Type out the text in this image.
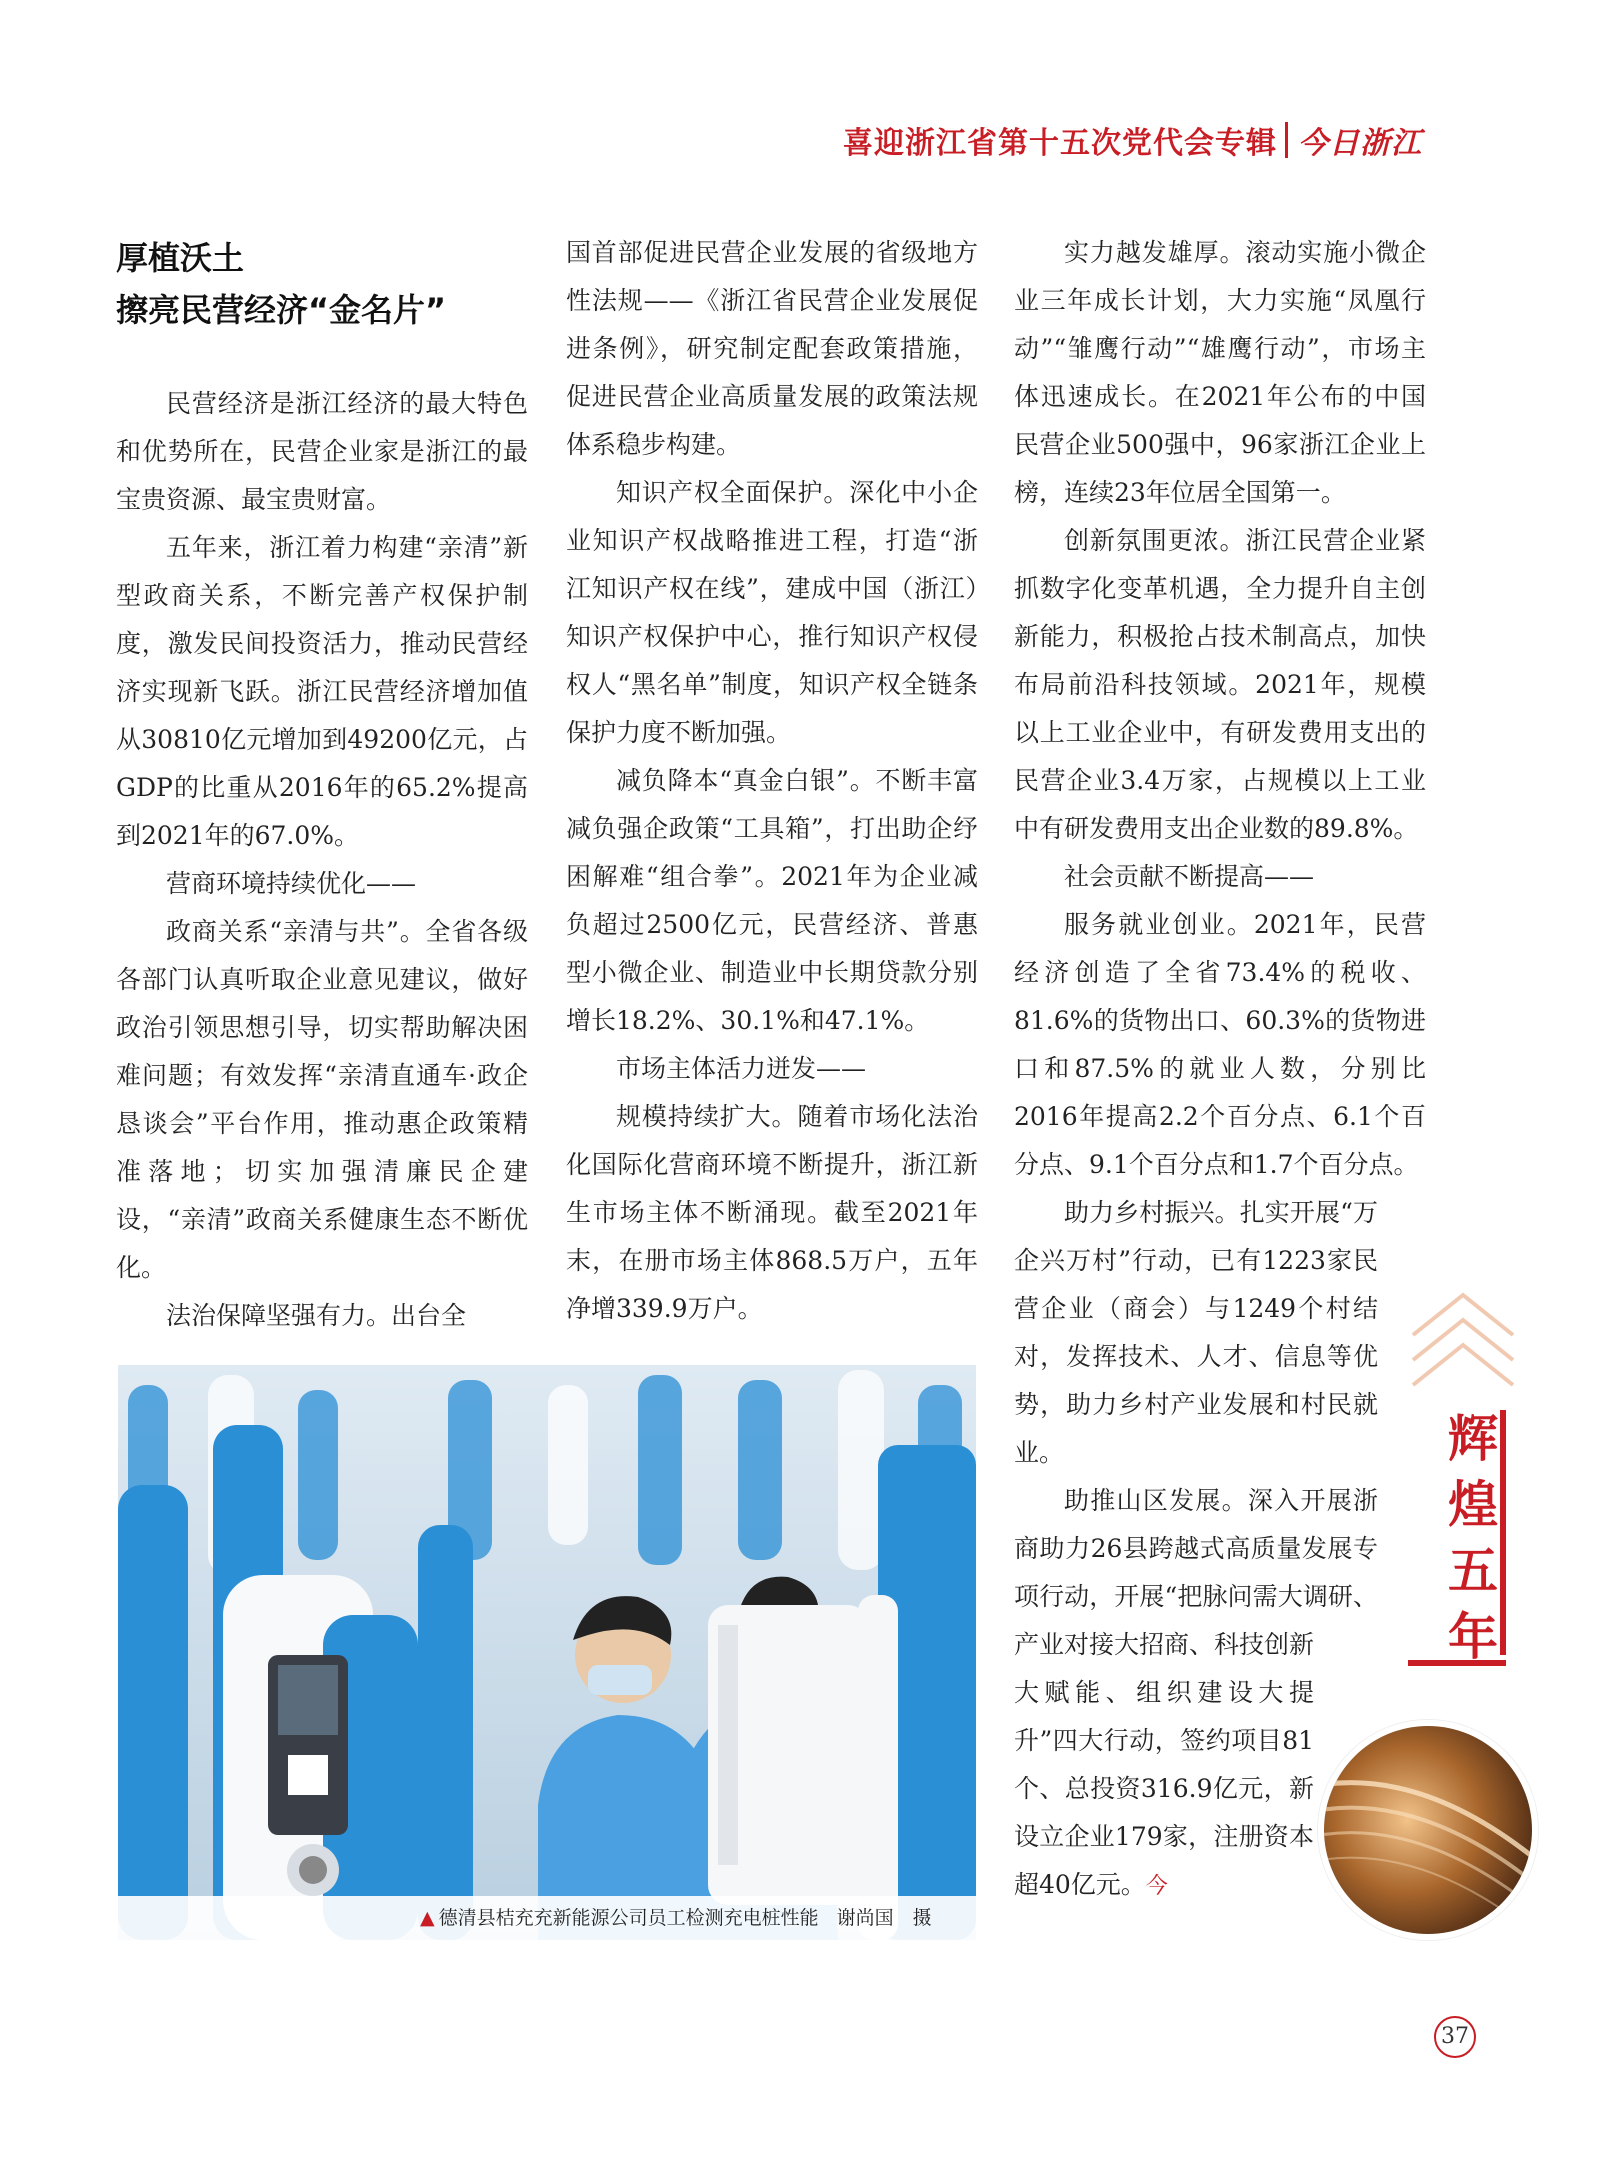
喜迎浙江省第十五次党代会专辑 今日浙江
厚植沃土
擦亮民营经济“金名片”

民营经济是浙江经济的最大特色和优势所在，民营企业家是浙江的最宝贵资源、最宝贵财富。

五年来，浙江着力构建“亲清”新型政商关系，不断完善产权保护制度，激发民间投资活力，推动民营经济实现新飞跃。浙江民营经济增加值从30810亿元增加到49200亿元，占GDP的比重从2016年的65.2%提高到2021年的67.0%。

营商环境持续优化——

政商关系“亲清与共”。全省各级各部门认真听取企业意见建议，做好政治引领思想引导，切实帮助解决困难问题；有效发挥“亲清直通车·政企恳谈会”平台作用，推动惠企政策精准落地；切实加强清廉民企建设，“亲清”政商关系健康生态不断优化。

法治保障坚强有力。出台全

国首部促进民营企业发展的省级地方性法规——《浙江省民营企业发展促进条例》，研究制定配套政策措施，促进民营企业高质量发展的政策法规体系稳步构建。

知识产权全面保护。深化中小企业知识产权战略推进工程，打造“浙江知识产权在线”，建成中国（浙江）知识产权保护中心，推行知识产权侵权人“黑名单”制度，知识产权全链条保护力度不断加强。

减负降本“真金白银”。不断丰富减负强企政策“工具箱”，打出助企纾困解难“组合拳”。2021年为企业减负超过2500亿元，民营经济、普惠型小微企业、制造业中长期贷款分别增长18.2%、30.1%和47.1%。

市场主体活力迸发——

规模持续扩大。随着市场化法治化国际化营商环境不断提升，浙江新生市场主体不断涌现。截至2021年末，在册市场主体868.5万户，五年净增339.9万户。

实力越发雄厚。滚动实施小微企业三年成长计划，大力实施“凤凰行动”“雏鹰行动”“雄鹰行动”，市场主体迅速成长。在2021年公布的中国民营企业500强中，96家浙江企业上榜，连续23年位居全国第一。

创新氛围更浓。浙江民营企业紧抓数字化变革机遇，全力提升自主创新能力，积极抢占技术制高点，加快布局前沿科技领域。2021年，规模以上工业企业中，有研发费用支出的民营企业3.4万家，占规模以上工业中有研发费用支出企业数的89.8%。

社会贡献不断提高——

服务就业创业。2021年，民营经济创造了全省73.4%的税收、81.6%的货物出口、60.3%的货物进口和87.5%的就业人数，分别比2016年提高2.2个百分点、6.1个百分点、9.1个百分点和1.7个百分点。

助力乡村振兴。扎实开展“万企兴万村”行动，已有1223家民营企业（商会）与1249个村结对，发挥技术、人才、信息等优势，助力乡村产业发展和村民就业。

助推山区发展。深入开展浙商助力26县跨越式高质量发展专项行动，开展“把脉问需大调研、产业对接大招商、科技创新

大赋能、组织建设大提升”四大行动，签约项目81个、总投资316.9亿元，新设立企业179家，注册资本超40亿元。今

▲ 德清县桔充充新能源公司员工检测充电桩性能 谢尚国　摄
辉
煌
五
年
37
